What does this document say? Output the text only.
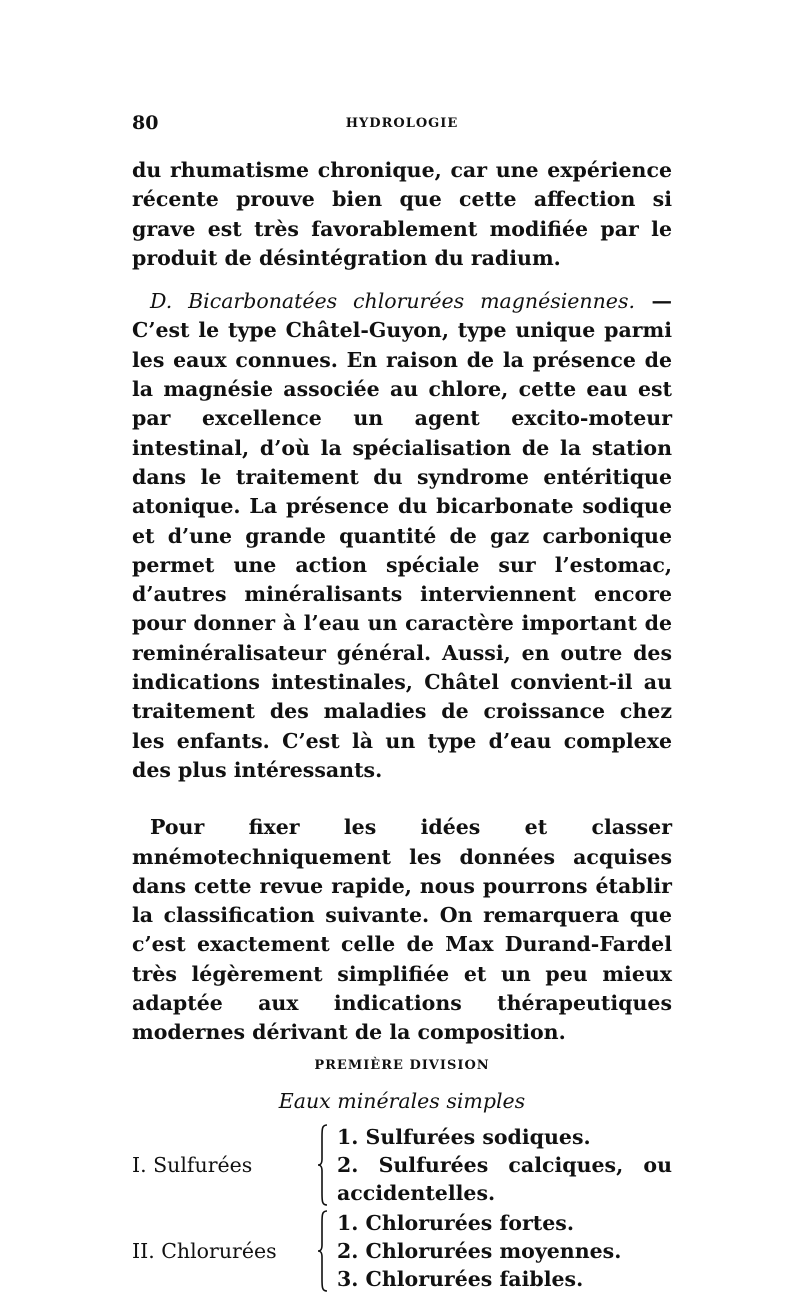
80	HYDROLOGIE

du rhumatisme chronique, car une expérience récente prouve bien que cette affection si grave est très favorablement modifiée par le produit de désintégration du radium.

D. Bicarbonatées chlorurées magnésiennes. — C’est le type Châtel-Guyon, type unique parmi les eaux connues. En raison de la présence de la magnésie associée au chlore, cette eau est par excellence un agent excito-moteur intestinal, d’où la spécialisation de la station dans le traitement du syndrome entéritique atonique. La présence du bicarbonate sodique et d’une grande quantité de gaz carbonique permet une action spéciale sur l’estomac, d’autres minéralisants interviennent encore pour donner à l’eau un caractère important de reminéralisateur général. Aussi, en outre des indications intestinales, Châtel convient-il au traitement des maladies de croissance chez les enfants. C’est là un type d’eau complexe des plus intéressants.

Pour fixer les idées et classer mnémotechniquement les données acquises dans cette revue rapide, nous pourrons établir la classification suivante. On remarquera que c’est exactement celle de Max Durand-Fardel très légèrement simplifiée et un peu mieux adaptée aux indications thérapeutiques modernes dérivant de la composition.

PREMIÈRE DIVISION
Eaux minérales simples
I. Sulfurées
1. Sulfurées sodiques.
2. Sulfurées calciques, ou accidentelles.
II. Chlorurées
1. Chlorurées fortes.
2. Chlorurées moyennes.
3. Chlorurées faibles.
